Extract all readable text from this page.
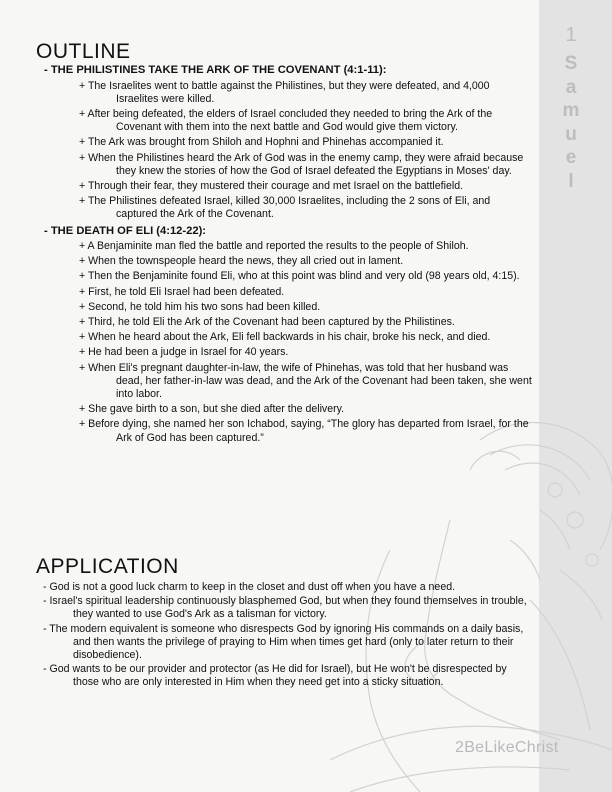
1
S
a
m
u
e
l
OUTLINE
- THE PHILISTINES TAKE THE ARK OF THE COVENANT (4:1-11):
+ The Israelites went to battle against the Philistines, but they were defeated, and 4,000 Israelites were killed.
+ After being defeated, the elders of Israel concluded they needed to bring the Ark of the Covenant with them into the next battle and God would give them victory.
+ The Ark was brought from Shiloh and Hophni and Phinehas accompanied it.
+ When the Philistines heard the Ark of God was in the enemy camp, they were afraid because they knew the stories of how the God of Israel defeated the Egyptians in Moses' day.
+ Through their fear, they mustered their courage and met Israel on the battlefield.
+ The Philistines defeated Israel, killed 30,000 Israelites, including the 2 sons of Eli, and captured the Ark of the Covenant.
- THE DEATH OF ELI (4:12-22):
+ A Benjaminite man fled the battle and reported the results to the people of Shiloh.
+ When the townspeople heard the news, they all cried out in lament.
+ Then the Benjaminite found Eli, who at this point was blind and very old (98 years old, 4:15).
+ First, he told Eli Israel had been defeated.
+ Second, he told him his two sons had been killed.
+ Third, he told Eli the Ark of the Covenant had been captured by the Philistines.
+ When he heard about the Ark, Eli fell backwards in his chair, broke his neck, and died.
+ He had been a judge in Israel for 40 years.
+ When Eli's pregnant daughter-in-law, the wife of Phinehas, was told that her husband was dead, her father-in-law was dead, and the Ark of the Covenant had been taken, she went into labor.
+ She gave birth to a son, but she died after the delivery.
+ Before dying, she named her son Ichabod, saying, “The glory has departed from Israel, for the Ark of God has been captured.”
APPLICATION
- God is not a good luck charm to keep in the closet and dust off when you have a need.
- Israel's spiritual leadership continuously blasphemed God, but when they found themselves in trouble, they wanted to use God's Ark as a talisman for victory.
- The modern equivalent is someone who disrespects God by ignoring His commands on a daily basis, and then wants the privilege of praying to Him when times get hard (only to later return to their disobedience).
- God wants to be our provider and protector (as He did for Israel), but He won't be disrespected by those who are only interested in Him when they need get into a sticky situation.
2BeLikeChrist
